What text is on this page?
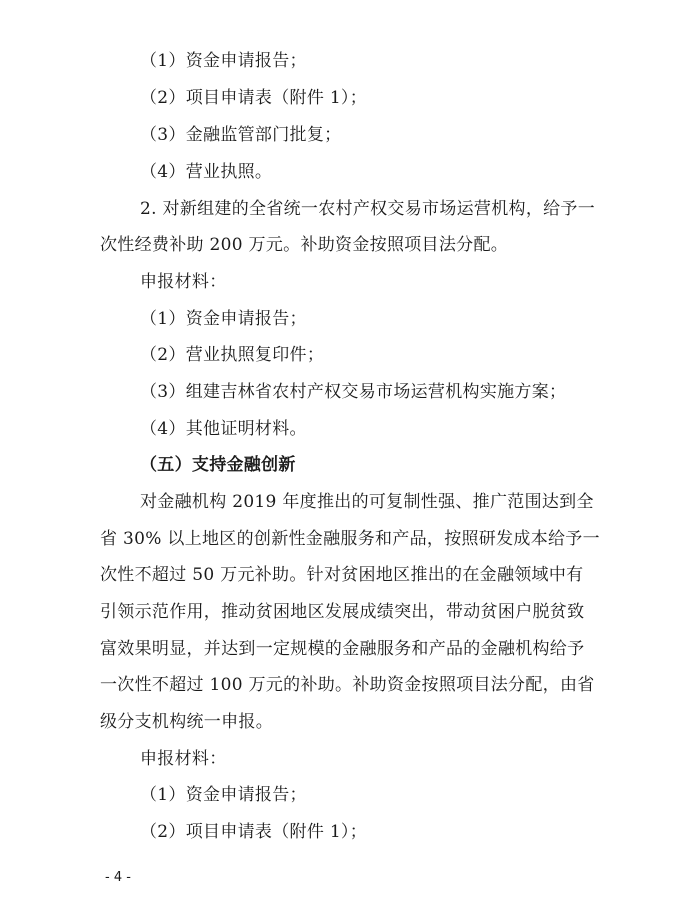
（1）资金申请报告；
（2）项目申请表（附件 1）；
（3）金融监管部门批复；
（4）营业执照。
2. 对新组建的全省统一农村产权交易市场运营机构，给予一
次性经费补助 200 万元。补助资金按照项目法分配。
申报材料：
（1）资金申请报告；
（2）营业执照复印件；
（3）组建吉林省农村产权交易市场运营机构实施方案；
（4）其他证明材料。
（五）支持金融创新
对金融机构 2019 年度推出的可复制性强、推广范围达到全
省 30% 以上地区的创新性金融服务和产品，按照研发成本给予一
次性不超过 50 万元补助。针对贫困地区推出的在金融领域中有
引领示范作用，推动贫困地区发展成绩突出，带动贫困户脱贫致
富效果明显，并达到一定规模的金融服务和产品的金融机构给予
一次性不超过 100 万元的补助。补助资金按照项目法分配，由省
级分支机构统一申报。
申报材料：
（1）资金申请报告；
（2）项目申请表（附件 1）；
- 4 -
